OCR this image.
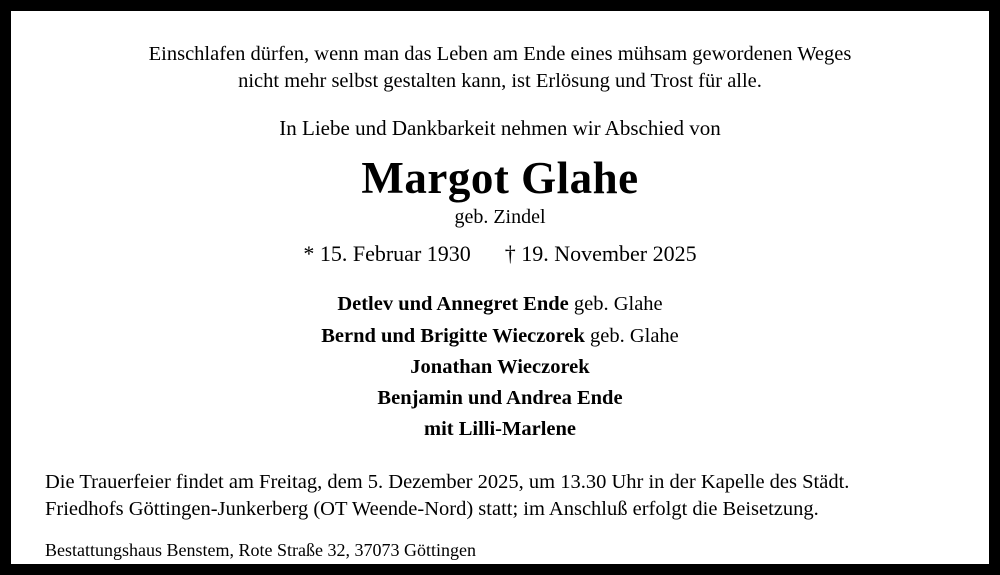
Einschlafen dürfen, wenn man das Leben am Ende eines mühsam gewordenen Weges
nicht mehr selbst gestalten kann, ist Erlösung und Trost für alle.
In Liebe und Dankbarkeit nehmen wir Abschied von
Margot Glahe
geb. Zindel
* 15. Februar 1930 † 19. November 2025
Detlev und Annegret Ende geb. Glahe
Bernd und Brigitte Wieczorek geb. Glahe
Jonathan Wieczorek
Benjamin und Andrea Ende
mit Lilli-Marlene
Die Trauerfeier findet am Freitag, dem 5. Dezember 2025, um 13.30 Uhr in der Kapelle des Städt.
Friedhofs Göttingen-Junkerberg (OT Weende-Nord) statt; im Anschluß erfolgt die Beisetzung.
Bestattungshaus Benstem, Rote Straße 32, 37073 Göttingen
